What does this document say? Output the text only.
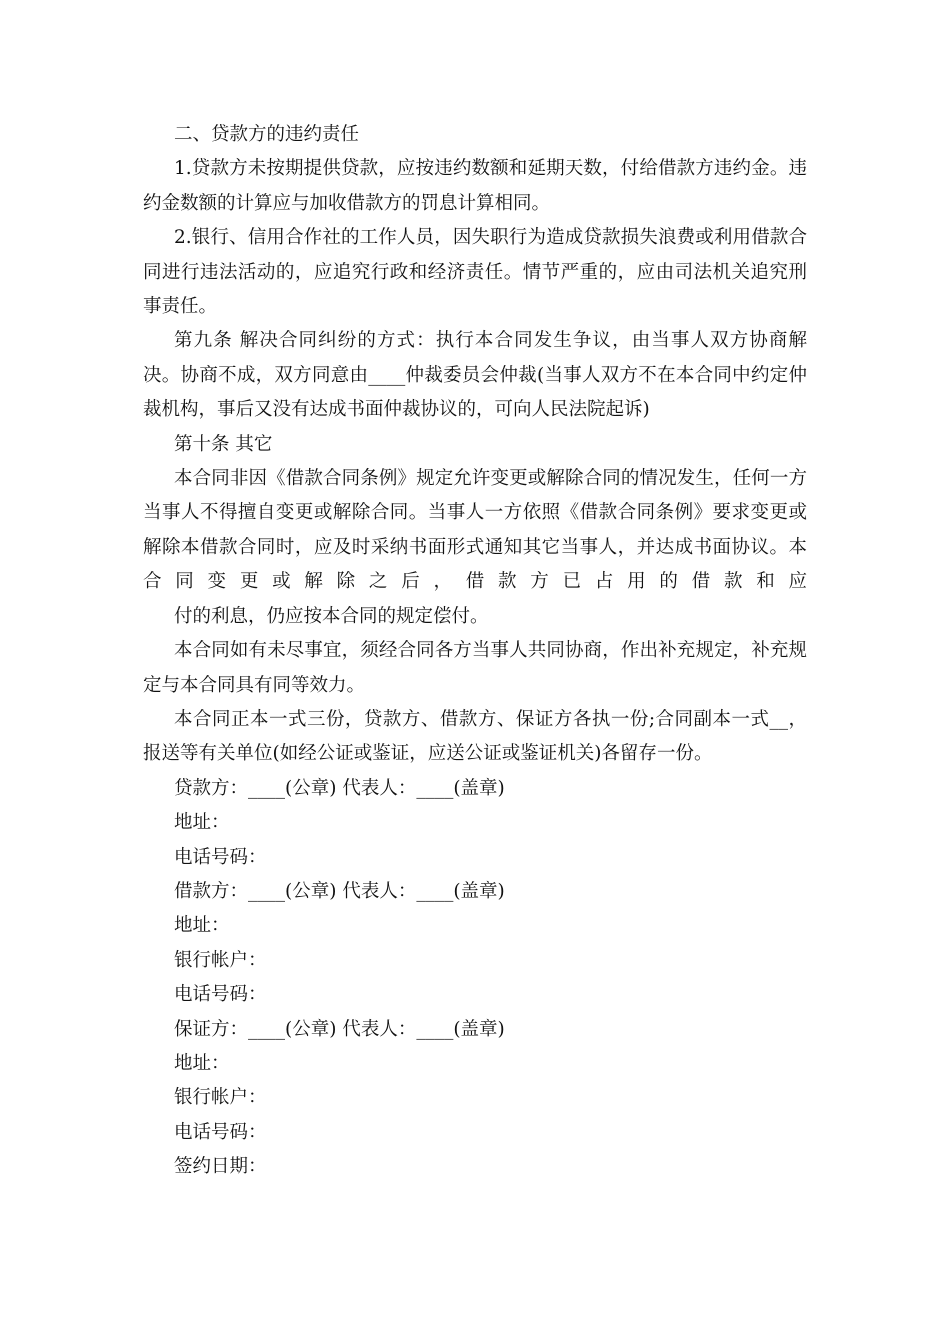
二、贷款方的违约责任

1.贷款方未按期提供贷款，应按违约数额和延期天数，付给借款方违约金。违约金数额的计算应与加收借款方的罚息计算相同。

2.银行、信用合作社的工作人员，因失职行为造成贷款损失浪费或利用借款合同进行违法活动的，应追究行政和经济责任。情节严重的，应由司法机关追究刑事责任。

第九条 解决合同纠纷的方式：执行本合同发生争议，由当事人双方协商解决。协商不成，双方同意由____仲裁委员会仲裁(当事人双方不在本合同中约定仲裁机构，事后又没有达成书面仲裁协议的，可向人民法院起诉)

第十条 其它

本合同非因《借款合同条例》规定允许变更或解除合同的情况发生，任何一方当事人不得擅自变更或解除合同。当事人一方依照《借款合同条例》要求变更或解除本借款合同时，应及时采纳书面形式通知其它当事人，并达成书面协议。本合同变更或解除之后，借款方已占用的借款和应

付的利息，仍应按本合同的规定偿付。

本合同如有未尽事宜，须经合同各方当事人共同协商，作出补充规定，补充规定与本合同具有同等效力。

本合同正本一式三份，贷款方、借款方、保证方各执一份;合同副本一式__，报送等有关单位(如经公证或鉴证，应送公证或鉴证机关)各留存一份。

贷款方：____(公章) 代表人：____(盖章)

地址：

电话号码：

借款方：____(公章) 代表人：____(盖章)

地址：

银行帐户：

电话号码：

保证方：____(公章) 代表人：____(盖章)

地址：

银行帐户：

电话号码：

签约日期：
